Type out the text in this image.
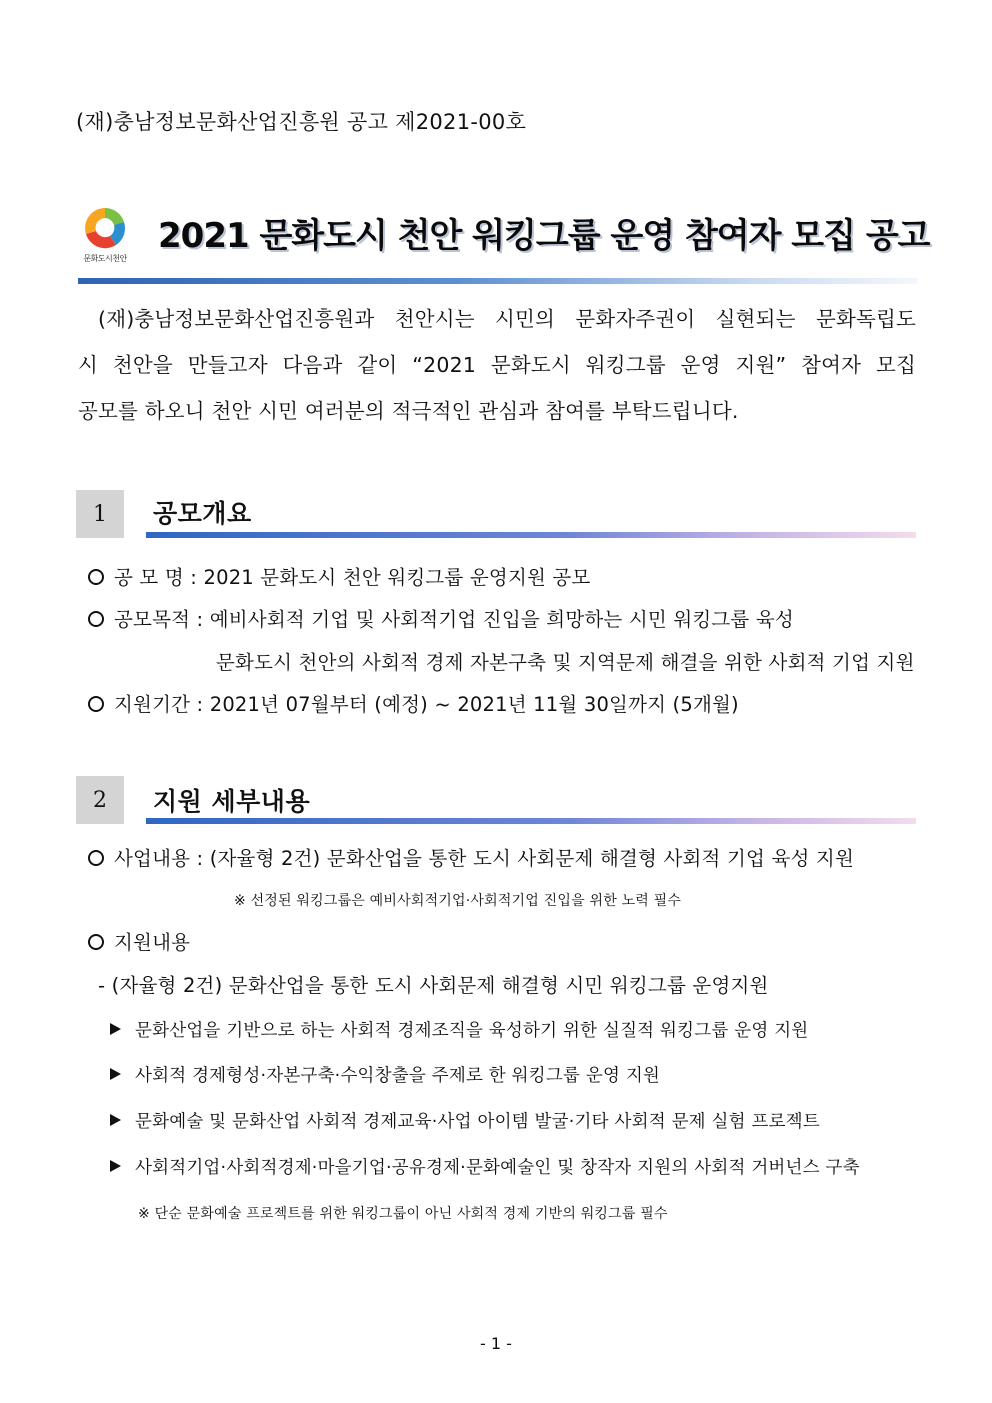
(재)충남정보문화산업진흥원 공고 제2021-00호
문화도시천안
2021 문화도시 천안 워킹그룹 운영 참여자 모집 공고

(재)충남정보문화산업진흥원과 천안시는 시민의 문화자주권이 실현되는 문화독립도

시 천안을 만들고자 다음과 같이 “2021 문화도시 워킹그룹 운영 지원” 참여자 모집

공모를 하오니 천안 시민 여러분의 적극적인 관심과 참여를 부탁드립니다.

1	공모개요
공 모 명 : 2021 문화도시 천안 워킹그룹 운영지원 공모
공모목적 : 예비사회적 기업 및 사회적기업 진입을 희망하는 시민 워킹그룹 육성
문화도시 천안의 사회적 경제 자본구축 및 지역문제 해결을 위한 사회적 기업 지원
지원기간 : 2021년 07월부터 (예정) ~ 2021년 11월 30일까지 (5개월)
2	지원 세부내용
사업내용 : (자율형 2건) 문화산업을 통한 도시 사회문제 해결형 사회적 기업 육성 지원
※ 선정된 워킹그룹은 예비사회적기업·사회적기업 진입을 위한 노력 필수
지원내용
- (자율형 2건) 문화산업을 통한 도시 사회문제 해결형 시민 워킹그룹 운영지원
문화산업을 기반으로 하는 사회적 경제조직을 육성하기 위한 실질적 워킹그룹 운영 지원
사회적 경제형성·자본구축·수익창출을 주제로 한 워킹그룹 운영 지원
문화예술 및 문화산업 사회적 경제교육·사업 아이템 발굴·기타 사회적 문제 실험 프로젝트
사회적기업·사회적경제·마을기업·공유경제·문화예술인 및 창작자 지원의 사회적 거버넌스 구축
※ 단순 문화예술 프로젝트를 위한 워킹그룹이 아닌 사회적 경제 기반의 워킹그룹 필수
- 1 -
